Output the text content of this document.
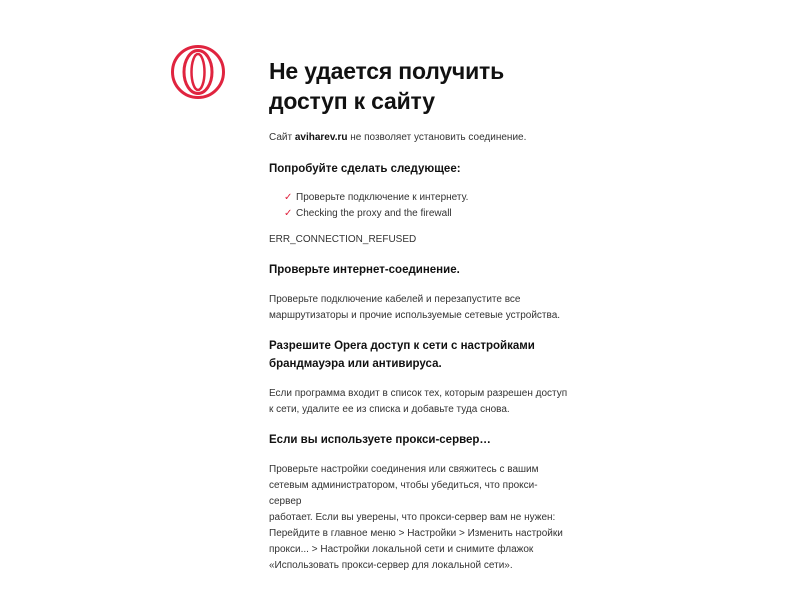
Не удается получить
доступ к сайту

Сайт aviharev.ru не позволяет установить соединение.

Попробуйте сделать следующее:

✓ Проверьте подключение к интернету.
✓ Checking the proxy and the firewall

ERR_CONNECTION_REFUSED

Проверьте интернет-соединение.

Проверьте подключение кабелей и перезапустите все
маршрутизаторы и прочие используемые сетевые устройства.

Разрешите Opera доступ к сети с настройками
брандмауэра или антивируса.

Если программа входит в список тех, которым разрешен доступ
к сети, удалите ее из списка и добавьте туда снова.

Если вы используете прокси-сервер…

Проверьте настройки соединения или свяжитесь с вашим
сетевым администратором, чтобы убедиться, что прокси-сервер
работает. Если вы уверены, что прокси-сервер вам не нужен:
Перейдите в главное меню > Настройки > Изменить настройки
прокси... > Настройки локальной сети и снимите флажок
«Использовать прокси-сервер для локальной сети».
